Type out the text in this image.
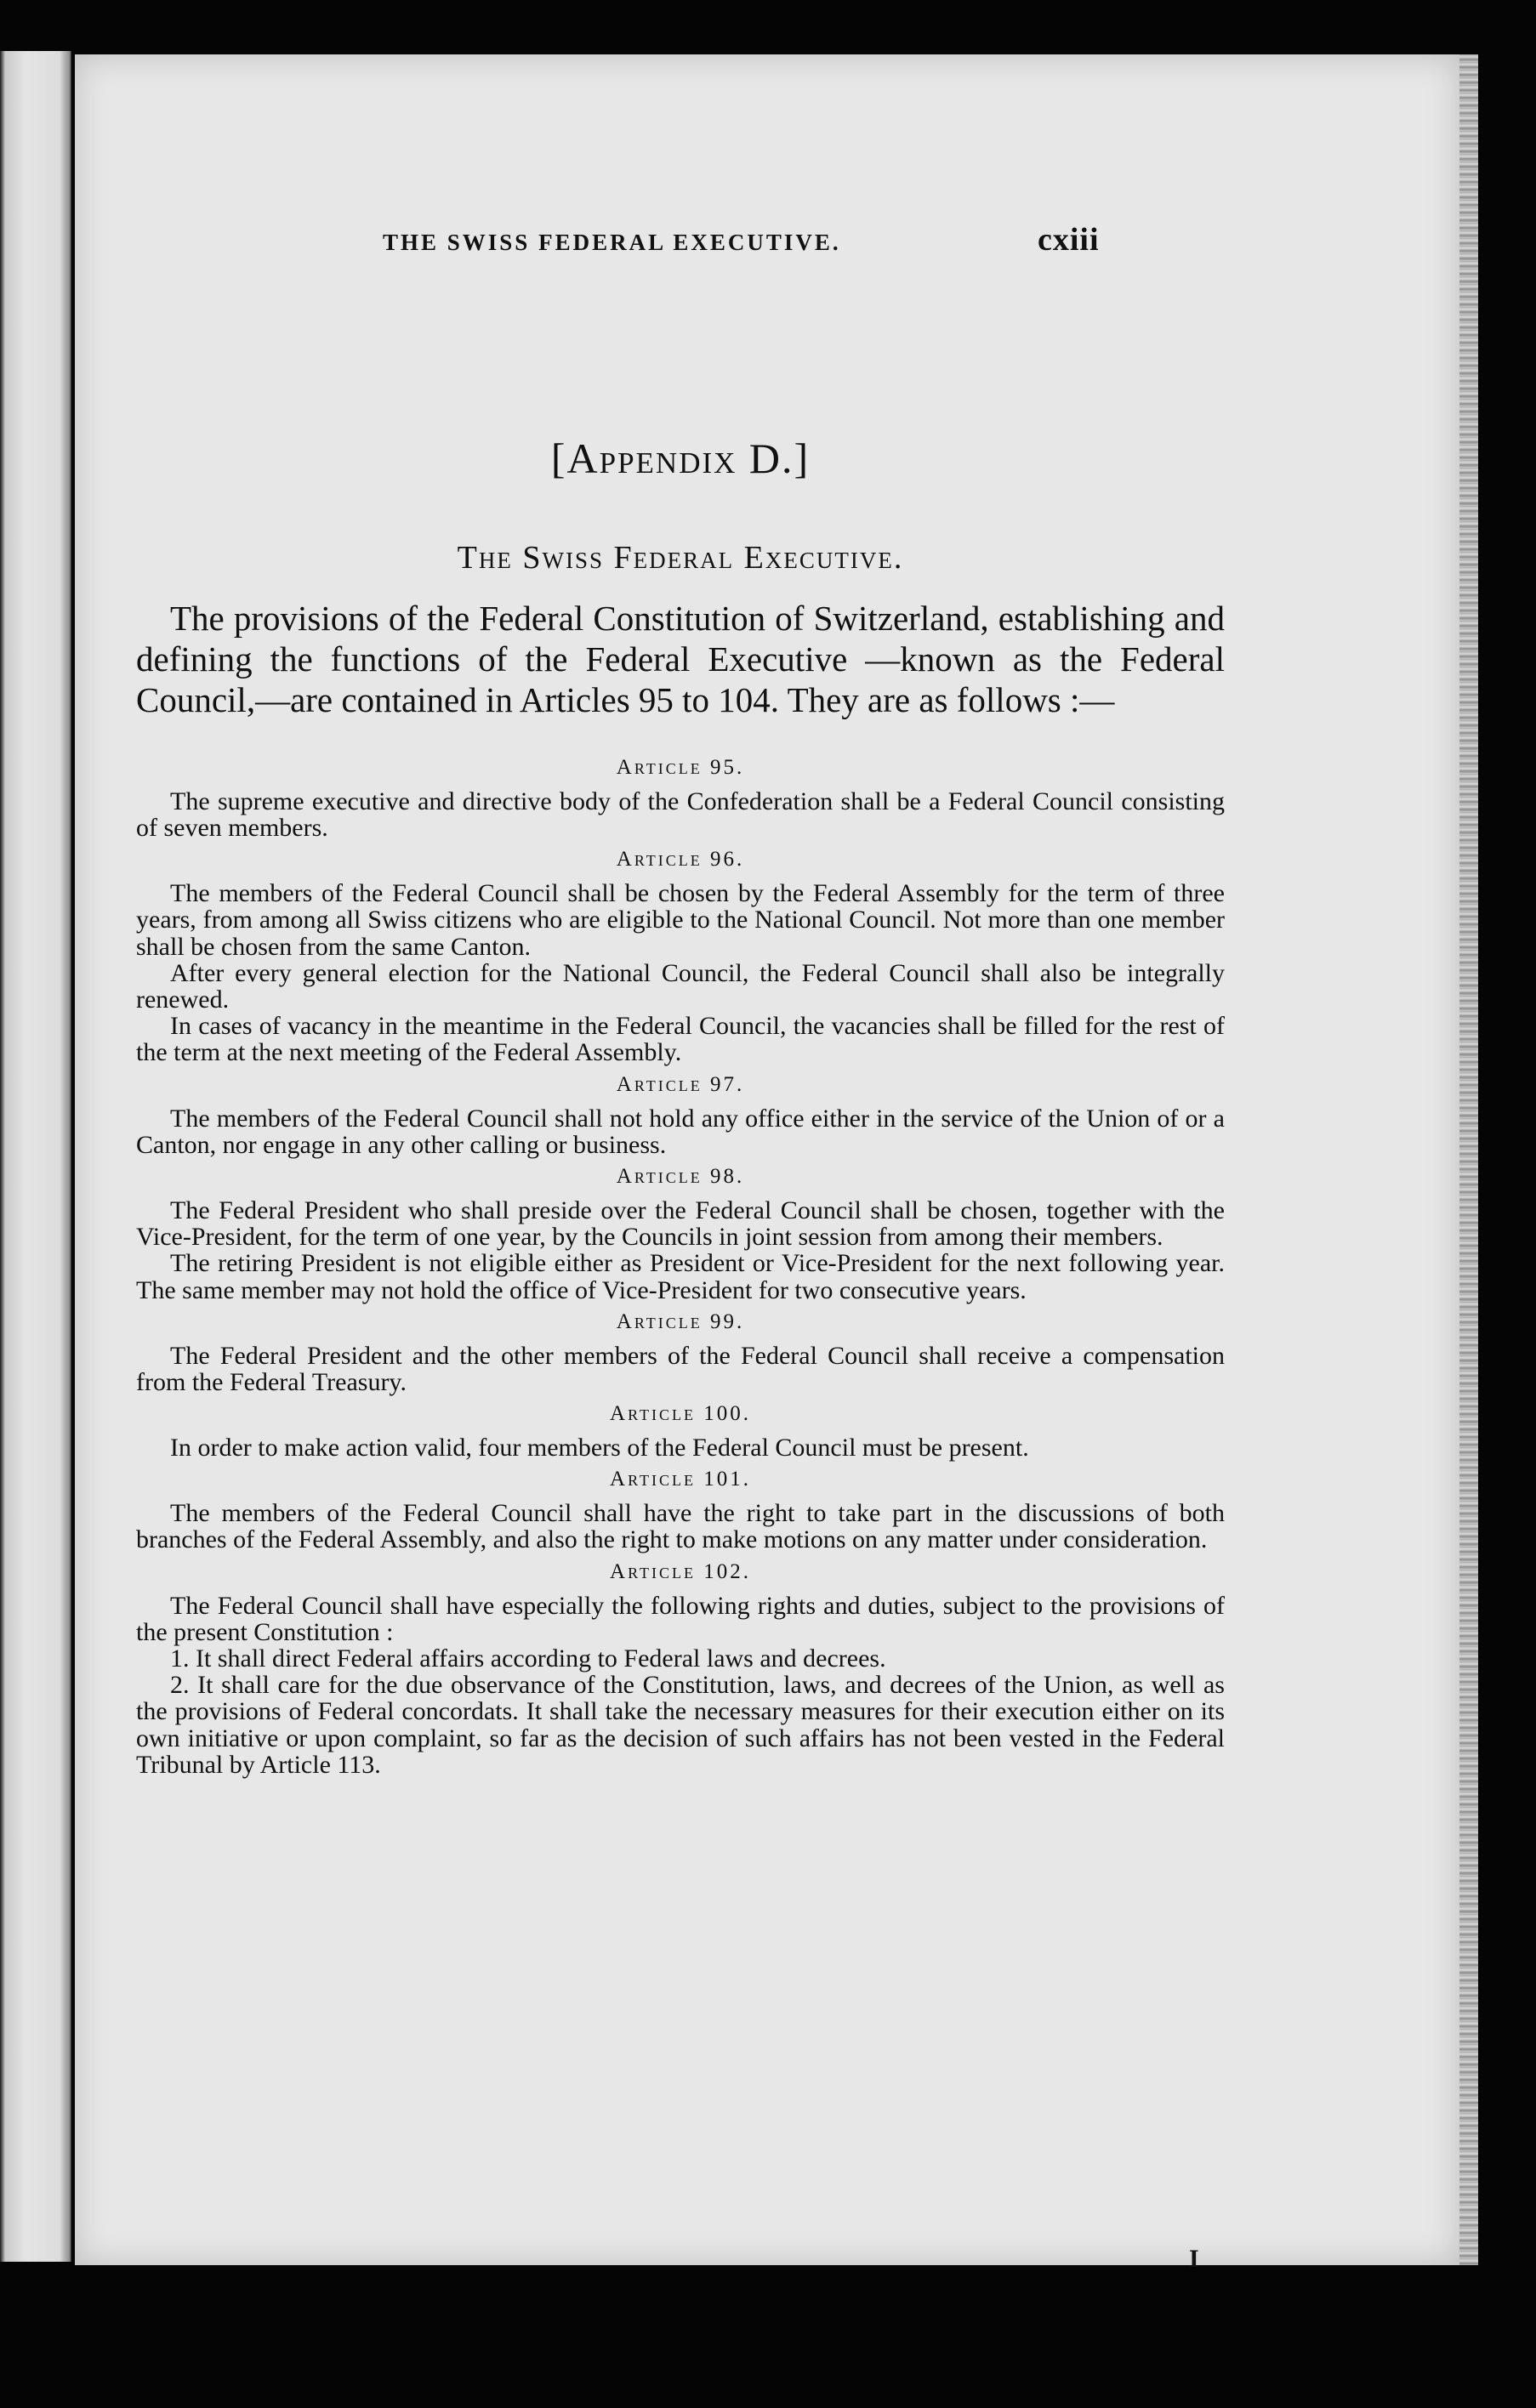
THE SWISS FEDERAL EXECUTIVE.	cxiii
[Appendix D.]
The Swiss Federal Executive.

The provisions of the Federal Constitution of Switzerland, establishing and defining the functions of the Federal Executive —known as the Federal Council,—are contained in Articles 95 to 104. They are as follows :—

Article 95.

The supreme executive and directive body of the Confederation shall be a Federal Council consisting of seven members.

Article 96.

The members of the Federal Council shall be chosen by the Federal Assembly for the term of three years, from among all Swiss citizens who are eligible to the National Council. Not more than one member shall be chosen from the same Canton.

After every general election for the National Council, the Federal Council shall also be integrally renewed.

In cases of vacancy in the meantime in the Federal Council, the vacancies shall be filled for the rest of the term at the next meeting of the Federal Assembly.

Article 97.

The members of the Federal Council shall not hold any office either in the service of the Union of or a Canton, nor engage in any other calling or business.

Article 98.

The Federal President who shall preside over the Federal Council shall be chosen, together with the Vice-President, for the term of one year, by the Councils in joint session from among their members.

The retiring President is not eligible either as President or Vice-President for the next following year. The same member may not hold the office of Vice-President for two consecutive years.

Article 99.

The Federal President and the other members of the Federal Council shall receive a compensation from the Federal Treasury.

Article 100.

In order to make action valid, four members of the Federal Council must be present.

Article 101.

The members of the Federal Council shall have the right to take part in the discussions of both branches of the Federal Assembly, and also the right to make motions on any matter under consideration.

Article 102.

The Federal Council shall have especially the following rights and duties, subject to the provisions of the present Constitution :

1. It shall direct Federal affairs according to Federal laws and decrees.

2. It shall care for the due observance of the Constitution, laws, and decrees of the Union, as well as the provisions of Federal concordats. It shall take the necessary measures for their execution either on its own initiative or upon complaint, so far as the decision of such affairs has not been vested in the Federal Tribunal by Article 113.

I
